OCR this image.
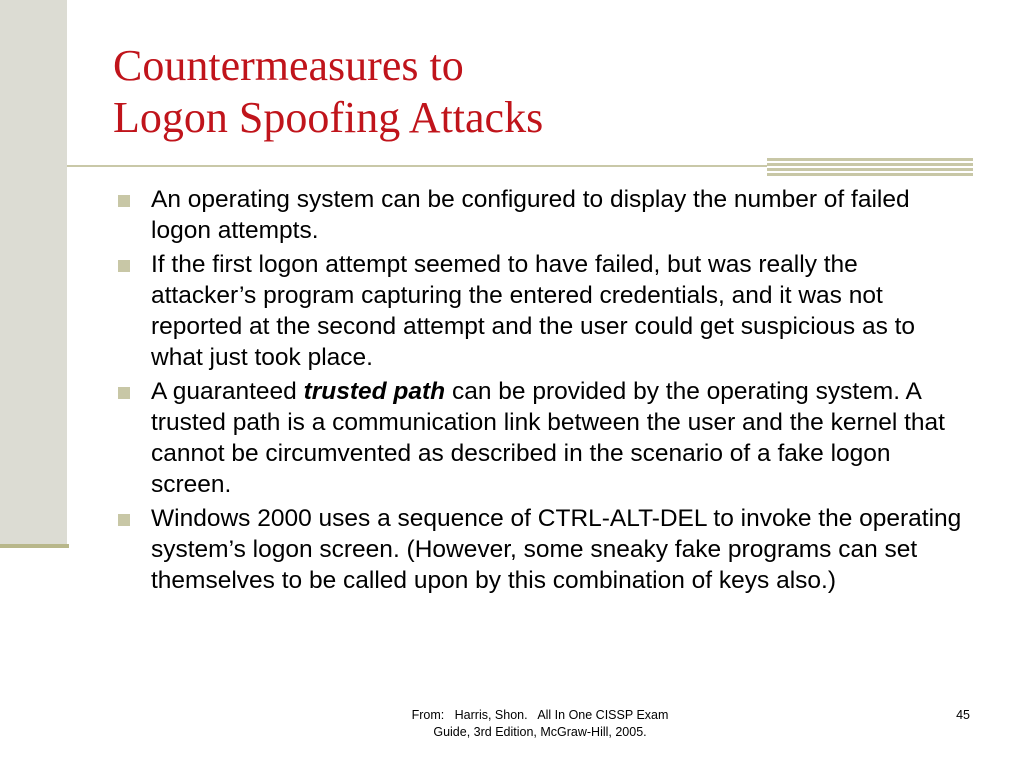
Countermeasures to
Logon Spoofing Attacks
An operating system can be configured to display the number of failed logon attempts.
If the first logon attempt seemed to have failed, but was really the attacker’s program capturing the entered credentials, and it was not reported at the second attempt and the user could get suspicious as to what just took place.
A guaranteed trusted path can be provided by the operating system. A trusted path is a communication link between the user and the kernel that cannot be circumvented as described in the scenario of a fake logon screen.
Windows 2000 uses a sequence of CTRL-ALT-DEL to invoke the operating system’s logon screen. (However, some sneaky fake programs can set themselves to be called upon by this combination of keys also.)
From:   Harris, Shon.   All In One CISSP Exam
Guide, 3rd Edition, McGraw-Hill, 2005.
45
